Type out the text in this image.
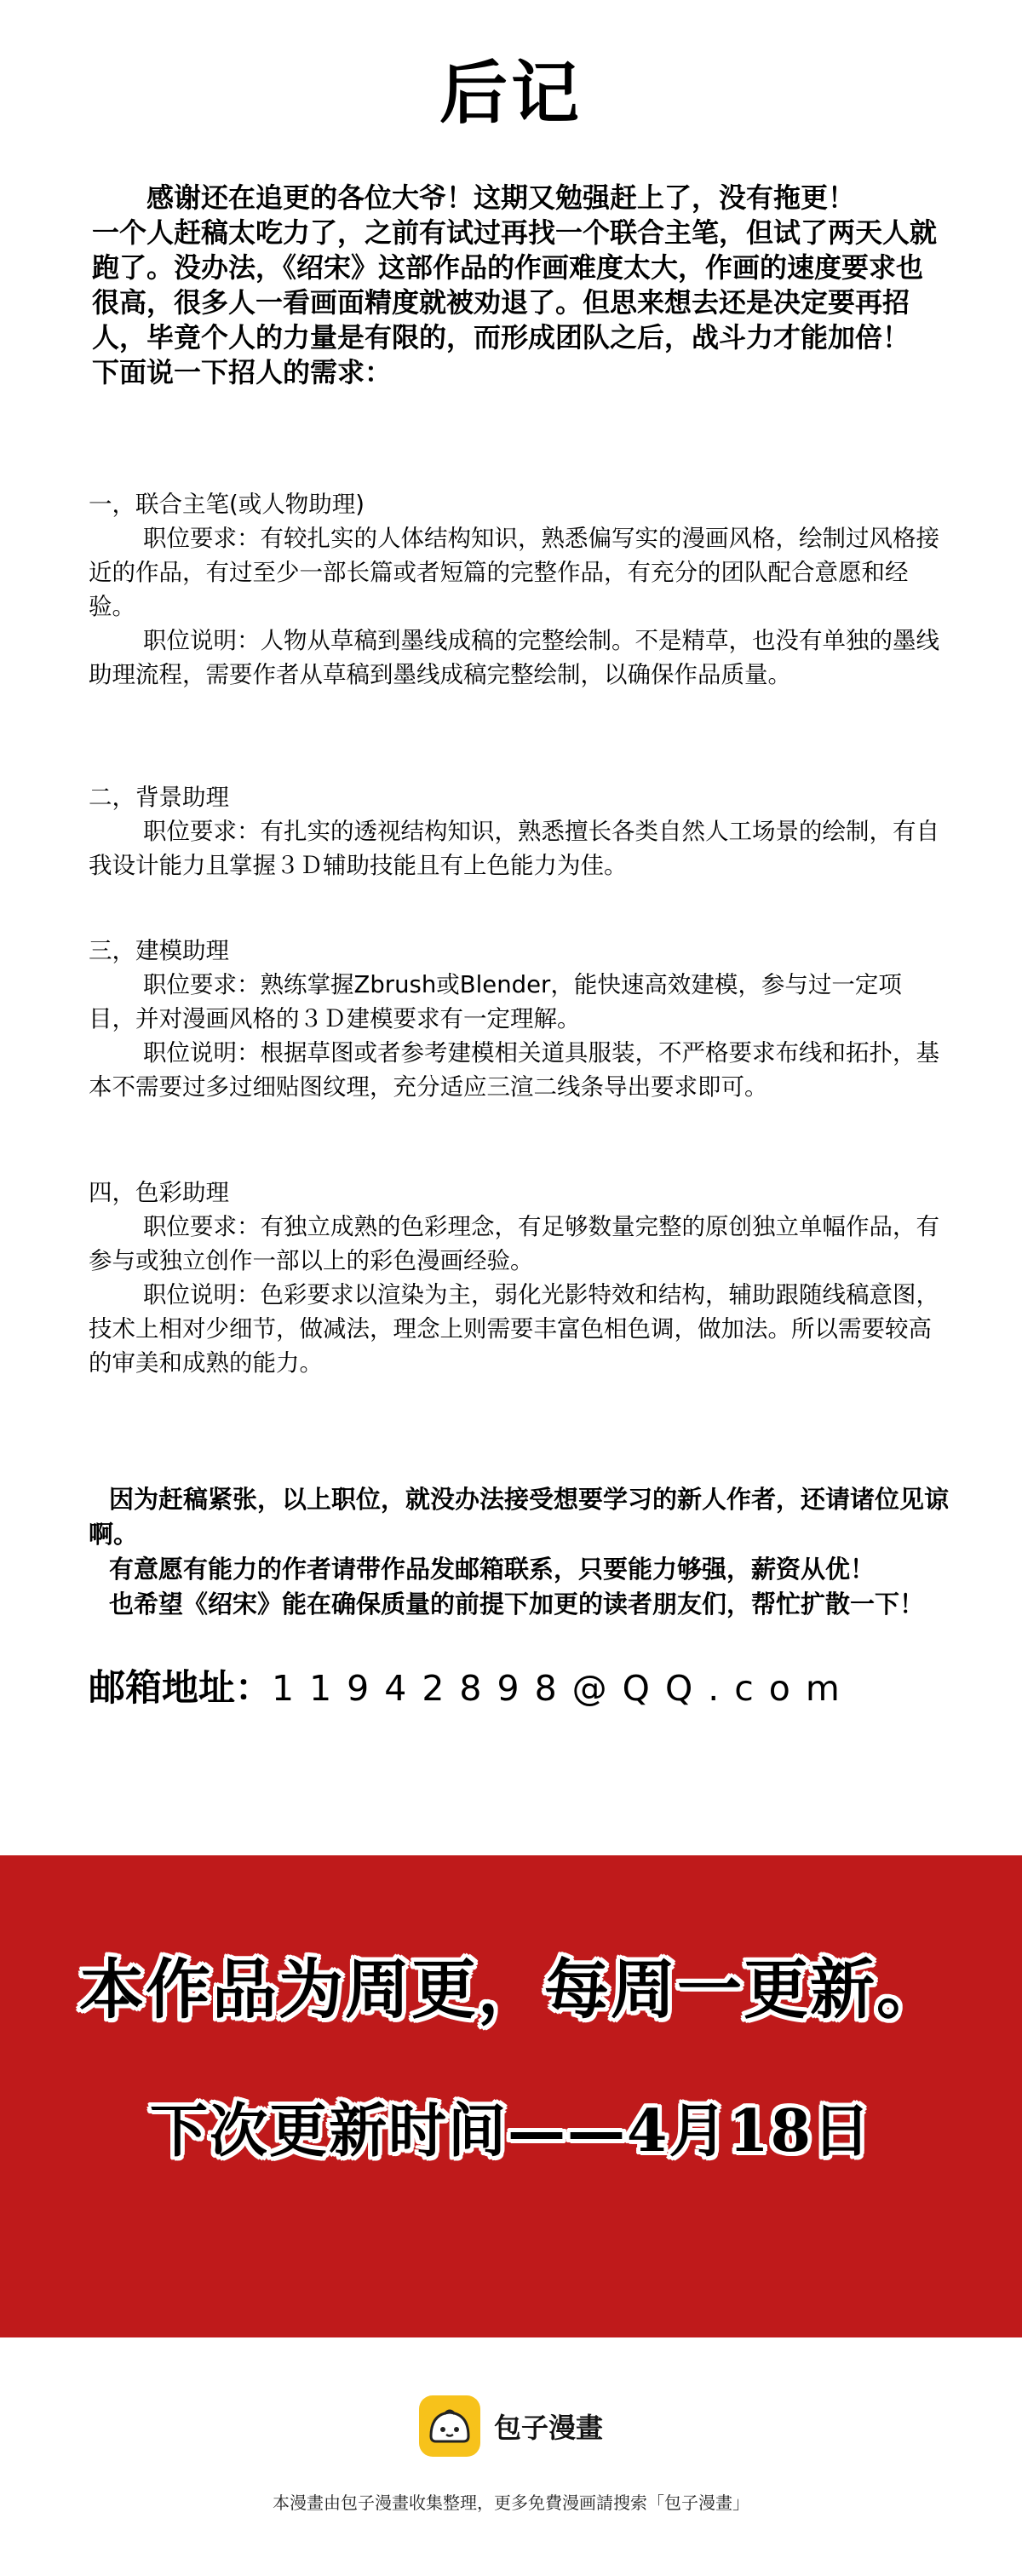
后记

感谢还在追更的各位大爷！这期又勉强赶上了，没有拖更！

一个人赶稿太吃力了，之前有试过再找一个联合主笔，但试了两天人就跑了。没办法，《绍宋》这部作品的作画难度太大，作画的速度要求也很高，很多人一看画面精度就被劝退了。但思来想去还是决定要再招人，毕竟个人的力量是有限的，而形成团队之后，战斗力才能加倍！

下面说一下招人的需求：

一，联合主笔(或人物助理)

职位要求：有较扎实的人体结构知识，熟悉偏写实的漫画风格，绘制过风格接近的作品，有过至少一部长篇或者短篇的完整作品，有充分的团队配合意愿和经验。

职位说明：人物从草稿到墨线成稿的完整绘制。不是精草，也没有单独的墨线助理流程，需要作者从草稿到墨线成稿完整绘制，以确保作品质量。

二，背景助理

职位要求：有扎实的透视结构知识，熟悉擅长各类自然人工场景的绘制，有自我设计能力且掌握３Ｄ辅助技能且有上色能力为佳。

三，建模助理

职位要求：熟练掌握Zbrush或Blender，能快速高效建模，参与过一定项目，并对漫画风格的３Ｄ建模要求有一定理解。

职位说明：根据草图或者参考建模相关道具服装，不严格要求布线和拓扑，基本不需要过多过细贴图纹理，充分适应三渲二线条导出要求即可。

四，色彩助理

职位要求：有独立成熟的色彩理念，有足够数量完整的原创独立单幅作品，有参与或独立创作一部以上的彩色漫画经验。

职位说明：色彩要求以渲染为主，弱化光影特效和结构，辅助跟随线稿意图，技术上相对少细节，做减法，理念上则需要丰富色相色调，做加法。所以需要较高的审美和成熟的能力。

因为赶稿紧张，以上职位，就没办法接受想要学习的新人作者，还请诸位见谅啊。

有意愿有能力的作者请带作品发邮箱联系，只要能力够强，薪资从优！

也希望《绍宋》能在确保质量的前提下加更的读者朋友们，帮忙扩散一下！

邮箱地址：11942898@QQ.com
本作品为周更，每周一更新。
下次更新时间——4月18日
包子漫畫
本漫畫由包子漫畫收集整理，更多免費漫画請搜索「包子漫畫」
